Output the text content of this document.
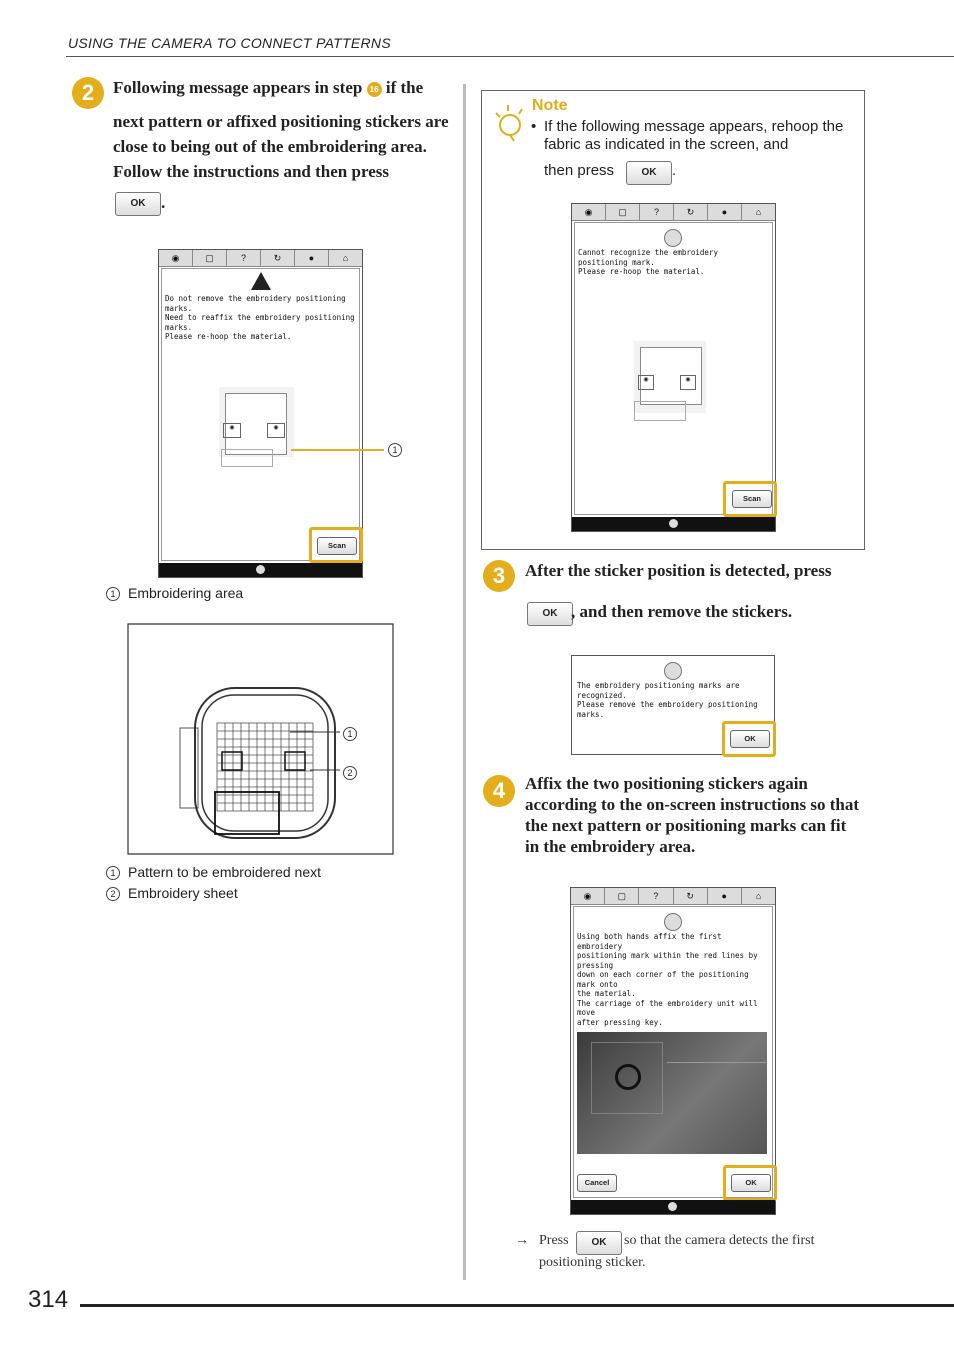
USING THE CAMERA TO CONNECT PATTERNS
2	Following message appears in step 16 if the
next pattern or affixed positioning stickers are close to being out of the embroidering area. Follow the instructions and then press
OK .
◉	▢	?	↻	●	⌂
Do not remove the embroidery positioning marks.
Need to reaffix the embroidery positioning marks.
Please re-hoop the material.
◉	◉
Scan
1
1 Embroidering area
1
2
1 Pattern to be embroidered next
2 Embroidery sheet
Note
• If the following message appears, rehoop the fabric as indicated in the screen, and
then press	OK	.
◉	▢	?	↻	●	⌂
Cannot recognize the embroidery positioning mark.
Please re-hoop the material.
◉	◉
Scan
3	After the sticker position is detected, press
OK , and then remove the stickers.
The embroidery positioning marks are recognized.
Please remove the embroidery positioning marks.
OK
4	Affix the two positioning stickers again according to the on-screen instructions so that the next pattern or positioning marks can fit in the embroidery area.
◉	▢	?	↻	●	⌂
Using both hands affix the first embroidery
positioning mark within the red lines by pressing
down on each corner of the positioning mark onto
the material.
The carriage of the embroidery unit will move
after pressing key.
Cancel	OK
→ Press	OK	so that the camera detects the first
positioning sticker.
314
